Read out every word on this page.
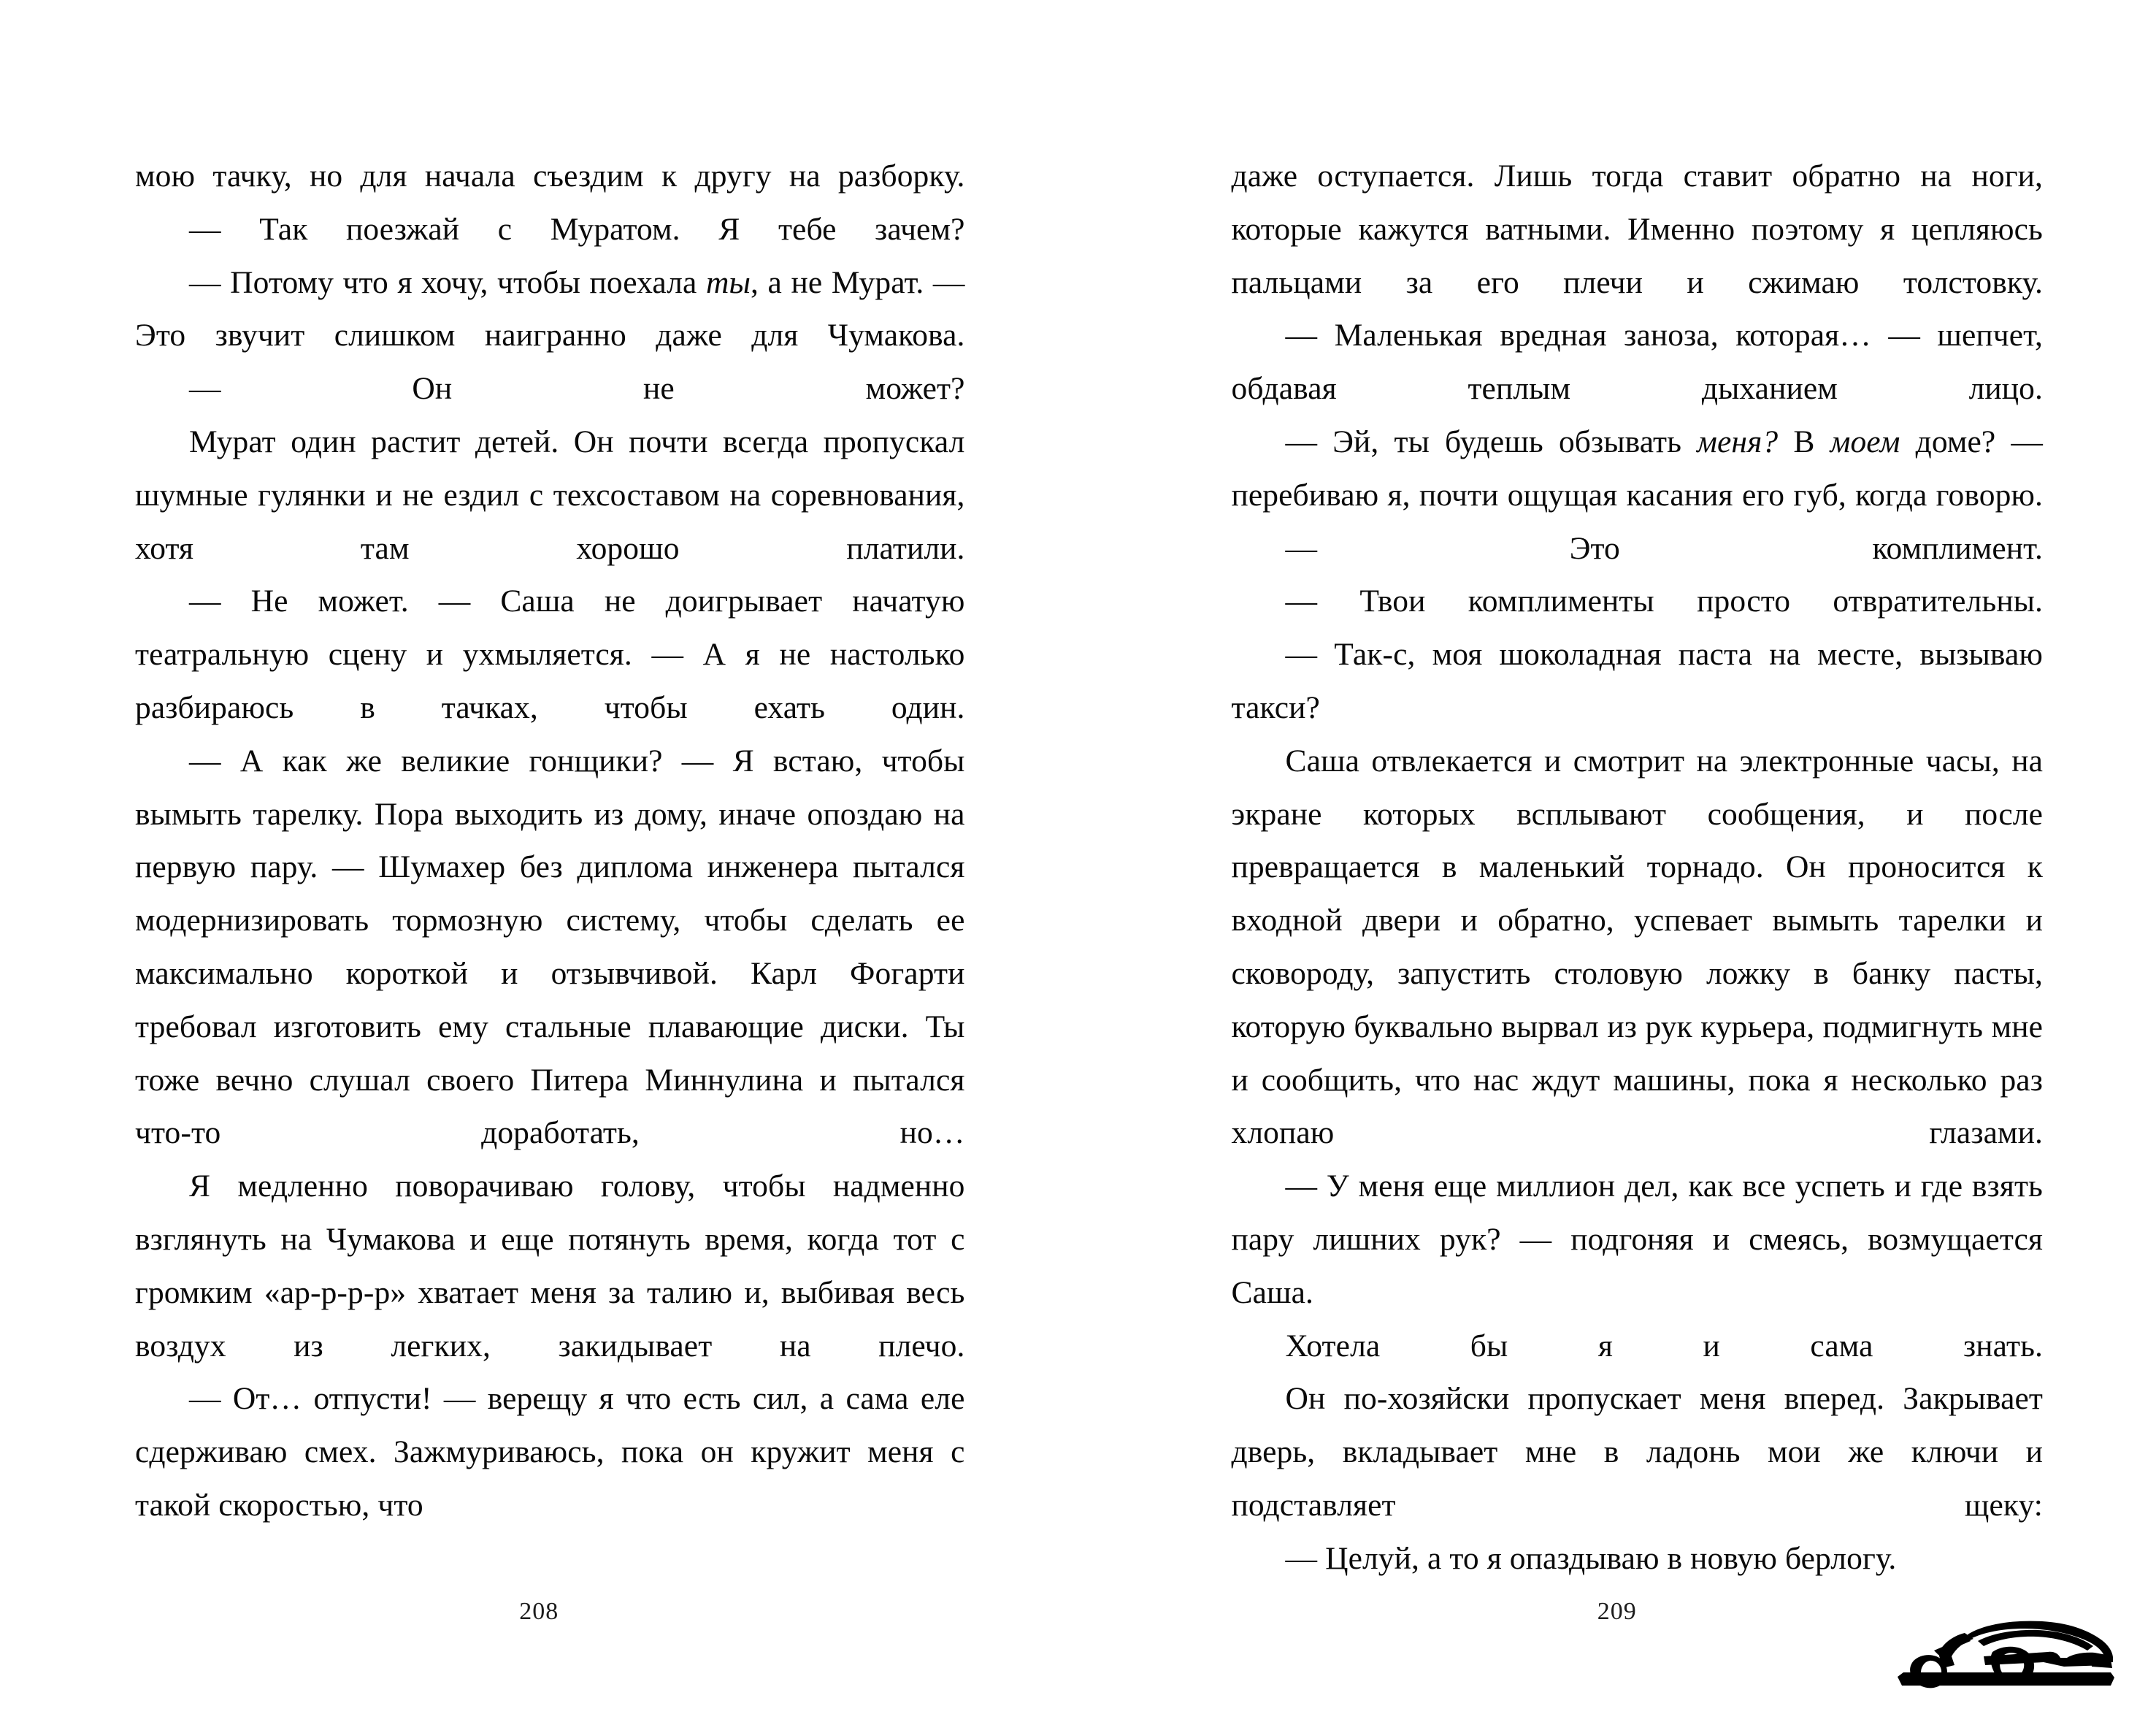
мою тачку, но для начала съездим к другу на разборку.

— Так поезжай с Муратом. Я тебе зачем?

— Потому что я хочу, чтобы поехала ты, а не Мурат. — Это звучит слишком наигранно даже для Чумакова.

— Он не может?

Мурат один растит детей. Он почти всегда пропускал шумные гулянки и не ездил с техсоставом на соревнования, хотя там хорошо платили.

— Не может. — Саша не доигрывает начатую театральную сцену и ухмыляется. — А я не настолько разбираюсь в тачках, чтобы ехать один.

— А как же великие гонщики? — Я встаю, чтобы вымыть тарелку. Пора выходить из дому, иначе опоздаю на первую пару. — Шумахер без диплома инженера пытался модернизировать тормозную систему, чтобы сделать ее максимально короткой и отзывчивой. Карл Фогарти требовал изготовить ему стальные плавающие диски. Ты тоже вечно слушал своего Питера Миннулина и пытался что-то доработать, но…

Я медленно поворачиваю голову, чтобы надменно взглянуть на Чумакова и еще потянуть время, когда тот с громким «ар-р-р-р» хватает меня за талию и, выбивая весь воздух из легких, закидывает на плечо.

— От… отпусти! — верещу я что есть сил, а сама еле сдерживаю смех. Зажмуриваюсь, пока он кружит меня с такой скоростью, что

208

даже оступается. Лишь тогда ставит обратно на ноги, которые кажутся ватными. Именно поэтому я цепляюсь пальцами за его плечи и сжимаю толстовку.

— Маленькая вредная заноза, которая… — шепчет, обдавая теплым дыханием лицо.

— Эй, ты будешь обзывать меня? В моем доме? — перебиваю я, почти ощущая касания его губ, когда говорю.

— Это комплимент.

— Твои комплименты просто отвратительны.

— Так-с, моя шоколадная паста на месте, вызываю такси?

Саша отвлекается и смотрит на электронные часы, на экране которых всплывают сообщения, и после превращается в маленький торнадо. Он проносится к входной двери и обратно, успевает вымыть тарелки и сковороду, запустить столовую ложку в банку пасты, которую буквально вырвал из рук курьера, подмигнуть мне и сообщить, что нас ждут машины, пока я несколько раз хлопаю глазами.

— У меня еще миллион дел, как все успеть и где взять пару лишних рук? — подгоняя и смеясь, возмущается Саша.

Хотела бы я и сама знать.

Он по-хозяйски пропускает меня вперед. Закрывает дверь, вкладывает мне в ладонь мои же ключи и подставляет щеку:

— Целуй, а то я опаздываю в новую берлогу.

209
